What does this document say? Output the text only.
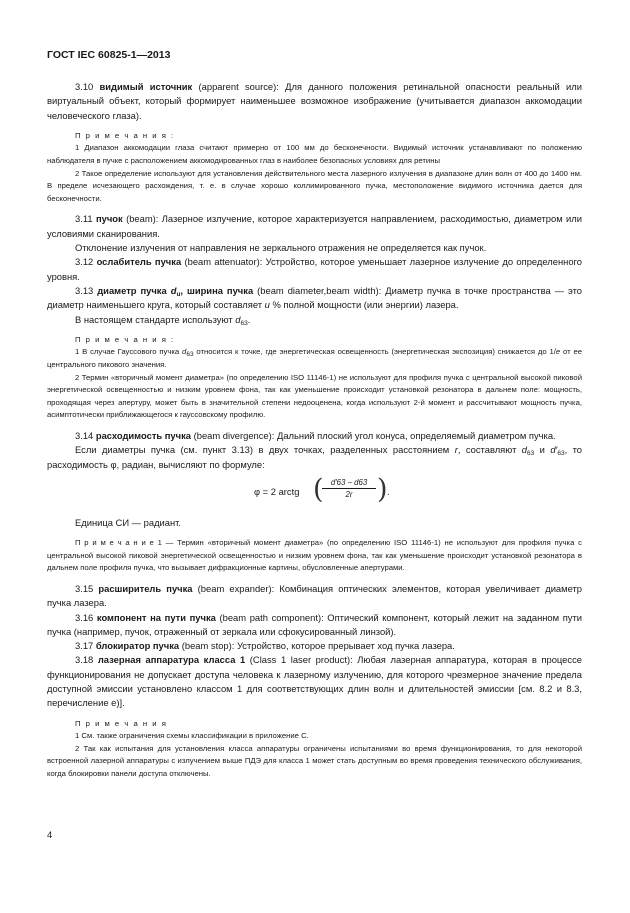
ГОСТ IEC 60825-1—2013

3.10 видимый источник (apparent source): Для данного положения ретинальной опасности реальный или виртуальный объект, который формирует наименьшее возможное изображение (учитывается диапазон аккомодации человеческого глаза).

П р и м е ч а н и я :

1 Диапазон аккомодации глаза считают примерно от 100 мм до бесконечности. Видимый источник устанавливают по положению наблюдателя в пучке с расположением аккомодированных глаз в наиболее безопасных условиях для ретины

2 Такое определение используют для установления действительного места лазерного излучения в диапазоне длин волн от 400 до 1400 нм. В пределе исчезающего расхождения, т. е. в случае хорошо коллимированного пучка, местоположение видимого источника дается для бесконечности.

3.11 пучок (beam): Лазерное излучение, которое характеризуется направлением, расходимостью, диаметром или условиями сканирования.

Отклонение излучения от направления не зеркального отражения не определяется как пучок.

3.12 ослабитель пучка (beam attenuator): Устройство, которое уменьшает лазерное излучение до определенного уровня.

3.13 диаметр пучка $d_u$, ширина пучка (beam diameter,beam width): Диаметр пучка в точке пространства — это диаметр наименьшего круга, который составляет u % полной мощности (или энергии) лазера.

В настоящем стандарте используют $d_{63}$.

П р и м е ч а н и я :

1 В случае Гауссового пучка $d_{63}$ относится к точке, где энергетическая освещенность (энергетическая экспозиция) снижается до 1/e от ее центрального пикового значения.

2 Термин «вторичный момент диаметра» (по определению ISO 11146-1) не используют для профиля пучка с центральной высокой пиковой энергетической освещенностью и низким уровнем фона, так как уменьшение происходит установкой резонатора в дальнем поле: мощность, проходящая через апертуру, может быть в значительной степени недооценена, когда используют 2-й момент и рассчитывают мощность пучка, асимптотически приближающегося к гауссовскому профилю.

3.14 расходимость пучка (beam divergence): Дальний плоский угол конуса, определяемый диаметром пучка.

Если диаметры пучка (см. пункт 3.13) в двух точках, разделенных расстоянием r, составляют $d_{63}$ и $d'_{63}$, то расходимость φ, радиан, вычисляют по формуле:

φ = 2 arctg (
$\frac{d'63 - d63}{2r}$ ) .

Единица СИ — радиант.

П р и м е ч а н и е 1 — Термин «вторичный момент диаметра» (по определению ISO 11146-1) не используют для профиля пучка с центральной высокой пиковой энергетической освещенностью и низким уровнем фона, так как уменьшение происходит установкой резонатора в дальнем поле профиля пучка, что вызывает дифракционные картины, обусловленные апертурами.

3.15 расширитель пучка (beam expander): Комбинация оптических элементов, которая увеличивает диаметр пучка лазера.

3.16 компонент на пути пучка (beam path component): Оптический компонент, который лежит на заданном пути пучка (например, пучок, отраженный от зеркала или сфокусированный линзой).

3.17 блокиратор пучка (beam stop): Устройство, которое прерывает ход пучка лазера.

3.18 лазерная аппаратура класса 1 (Class 1 laser product): Любая лазерная аппаратура, которая в процессе функционирования не допускает доступа человека к лазерному излучению, для которого чрезмерное значение предела доступной эмиссии установлено классом 1 для соответствующих длин волн и длительностей эмиссии [см. 8.2 и 8.3, перечисление е)].

П р и м е ч а н и я

1 См. также ограничения схемы классификации в приложение С.

2 Так как испытания для установления класса аппаратуры ограничены испытаниями во время функционирования, то для некоторой встроенной лазерной аппаратуры с излучением выше ПДЭ для класса 1 может стать доступным во время проведения технического обслуживания, когда блокировки панели доступа отключены.

4
